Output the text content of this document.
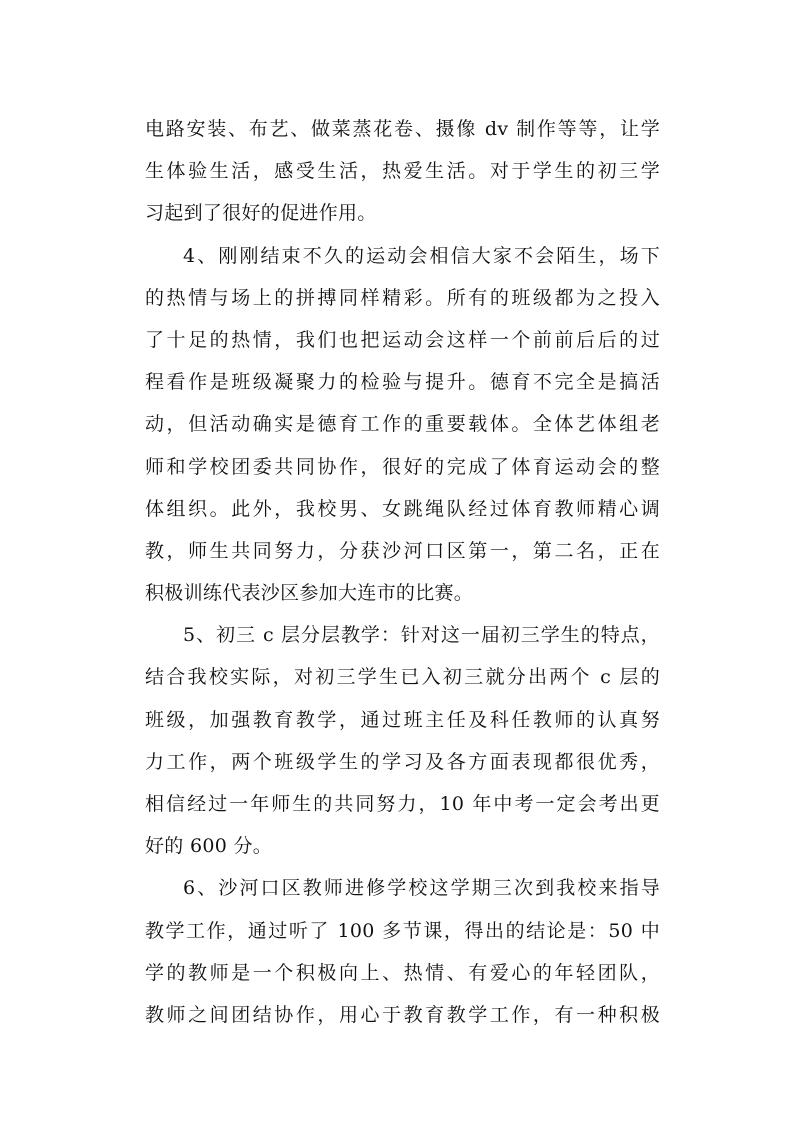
电路安装、布艺、做菜蒸花卷、摄像 dv 制作等等，让学
生体验生活，感受生活，热爱生活。对于学生的初三学
习起到了很好的促进作用。
4、刚刚结束不久的运动会相信大家不会陌生，场下
的热情与场上的拼搏同样精彩。所有的班级都为之投入
了十足的热情，我们也把运动会这样一个前前后后的过
程看作是班级凝聚力的检验与提升。德育不完全是搞活
动，但活动确实是德育工作的重要载体。全体艺体组老
师和学校团委共同协作，很好的完成了体育运动会的整
体组织。此外，我校男、女跳绳队经过体育教师精心调
教，师生共同努力，分获沙河口区第一，第二名，正在
积极训练代表沙区参加大连市的比赛。
5、初三 c 层分层教学：针对这一届初三学生的特点，
结合我校实际，对初三学生已入初三就分出两个 c 层的
班级，加强教育教学，通过班主任及科任教师的认真努
力工作，两个班级学生的学习及各方面表现都很优秀，
相信经过一年师生的共同努力，10 年中考一定会考出更
好的 600 分。
6、沙河口区教师进修学校这学期三次到我校来指导
教学工作，通过听了 100 多节课，得出的结论是：50 中
学的教师是一个积极向上、热情、有爱心的年轻团队，
教师之间团结协作，用心于教育教学工作，有一种积极
